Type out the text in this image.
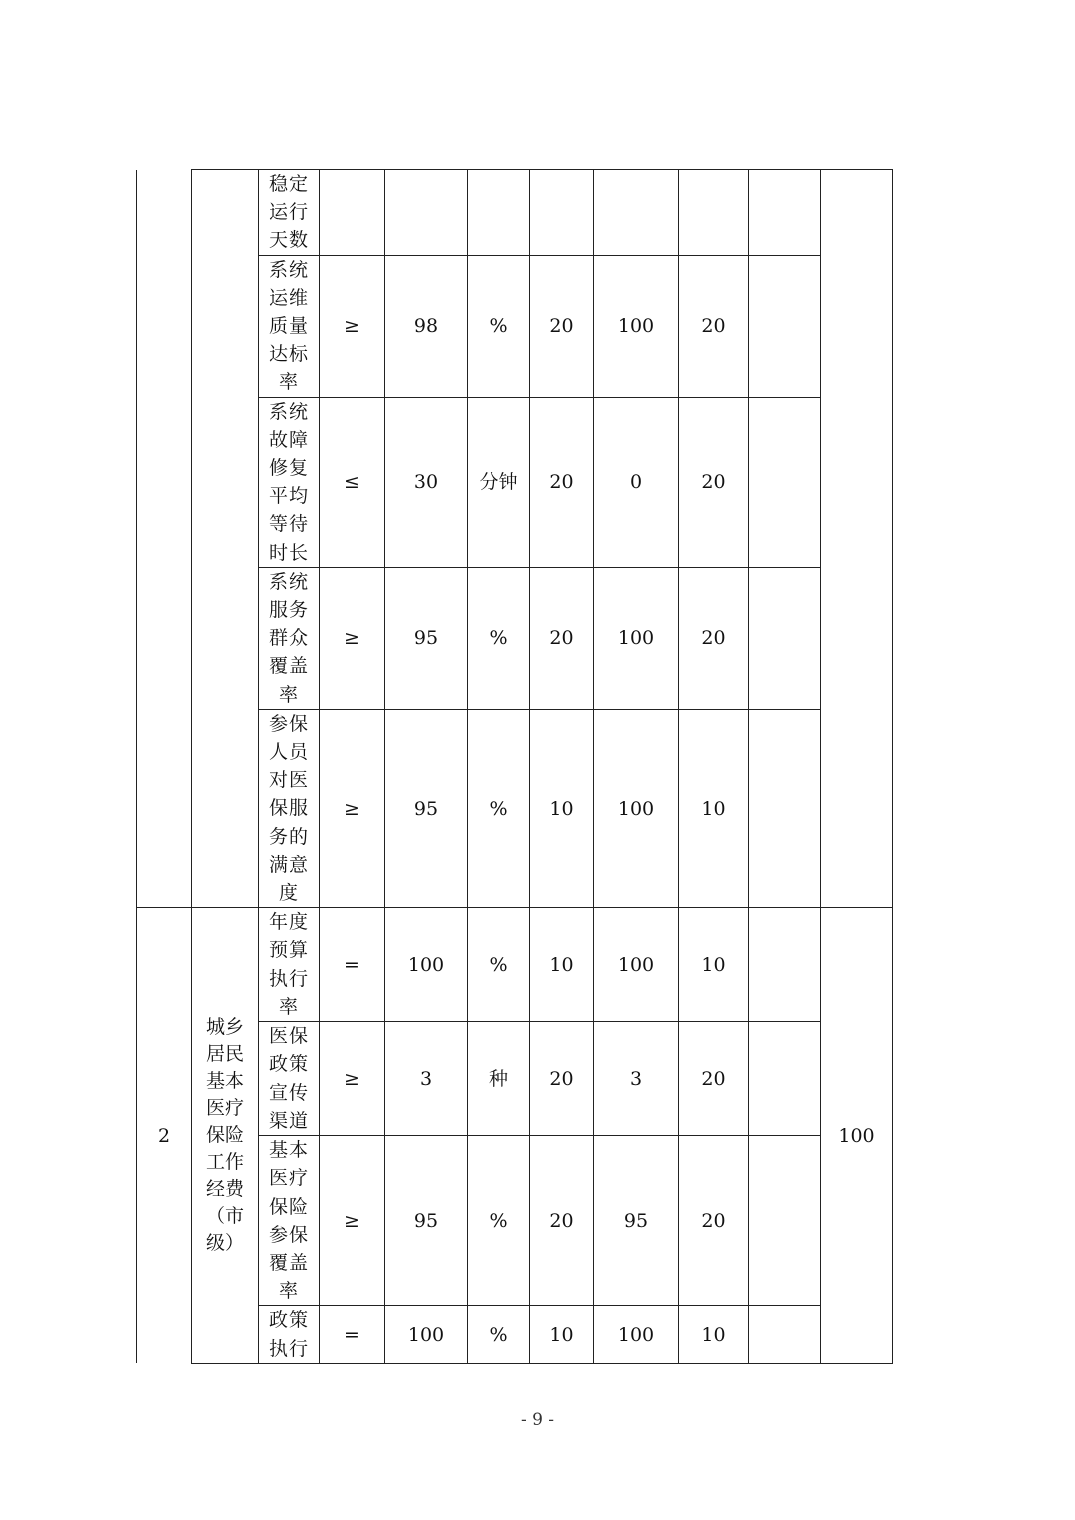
		稳定运行天数								
		系统运维质量达标率	≥	98	%	20	100	20		
		系统故障修复平均等待时长	≤	30	分钟	20	0	20		
		系统服务群众覆盖率	≥	95	%	20	100	20		
		参保人员对医保服务的满意度	≥	95	%	10	100	10		
2	城乡居民基本医疗保险工作经费（市级）	年度预算执行率	=	100	%	10	100	10		100
		医保政策宣传渠道	≥	3	种	20	3	20		
		基本医疗保险参保覆盖率	≥	95	%	20	95	20		
		政策执行	=	100	%	10	100	10		
- 9 -
